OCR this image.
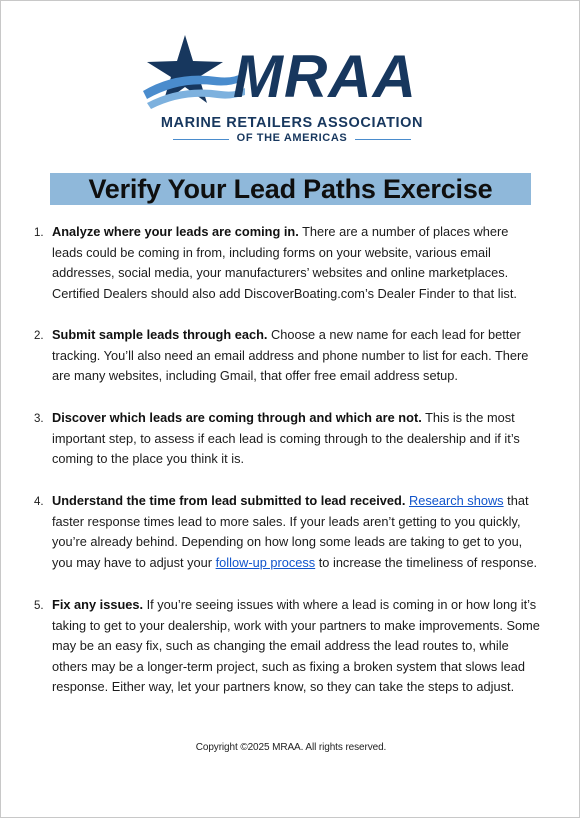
MRAA
MARINE RETAILERS ASSOCIATION
OF THE AMERICAS
Verify Your Lead Paths Exercise
1. Analyze where your leads are coming in. There are a number of places where leads could be coming in from, including forms on your website, various email addresses, social media, your manufacturers’ websites and online marketplaces. Certified Dealers should also add DiscoverBoating.com’s Dealer Finder to that list.
2. Submit sample leads through each. Choose a new name for each lead for better tracking. You’ll also need an email address and phone number to list for each. There are many websites, including Gmail, that offer free email address setup.
3. Discover which leads are coming through and which are not. This is the most important step, to assess if each lead is coming through to the dealership and if it’s coming to the place you think it is.
4. Understand the time from lead submitted to lead received. Research shows that faster response times lead to more sales. If your leads aren’t getting to you quickly, you’re already behind. Depending on how long some leads are taking to get to you, you may have to adjust your follow-up process to increase the timeliness of response.
5. Fix any issues. If you’re seeing issues with where a lead is coming in or how long it’s taking to get to your dealership, work with your partners to make improvements. Some may be an easy fix, such as changing the email address the lead routes to, while others may be a longer-term project, such as fixing a broken system that slows lead response. Either way, let your partners know, so they can take the steps to adjust.
Copyright ©2025 MRAA. All rights reserved.
